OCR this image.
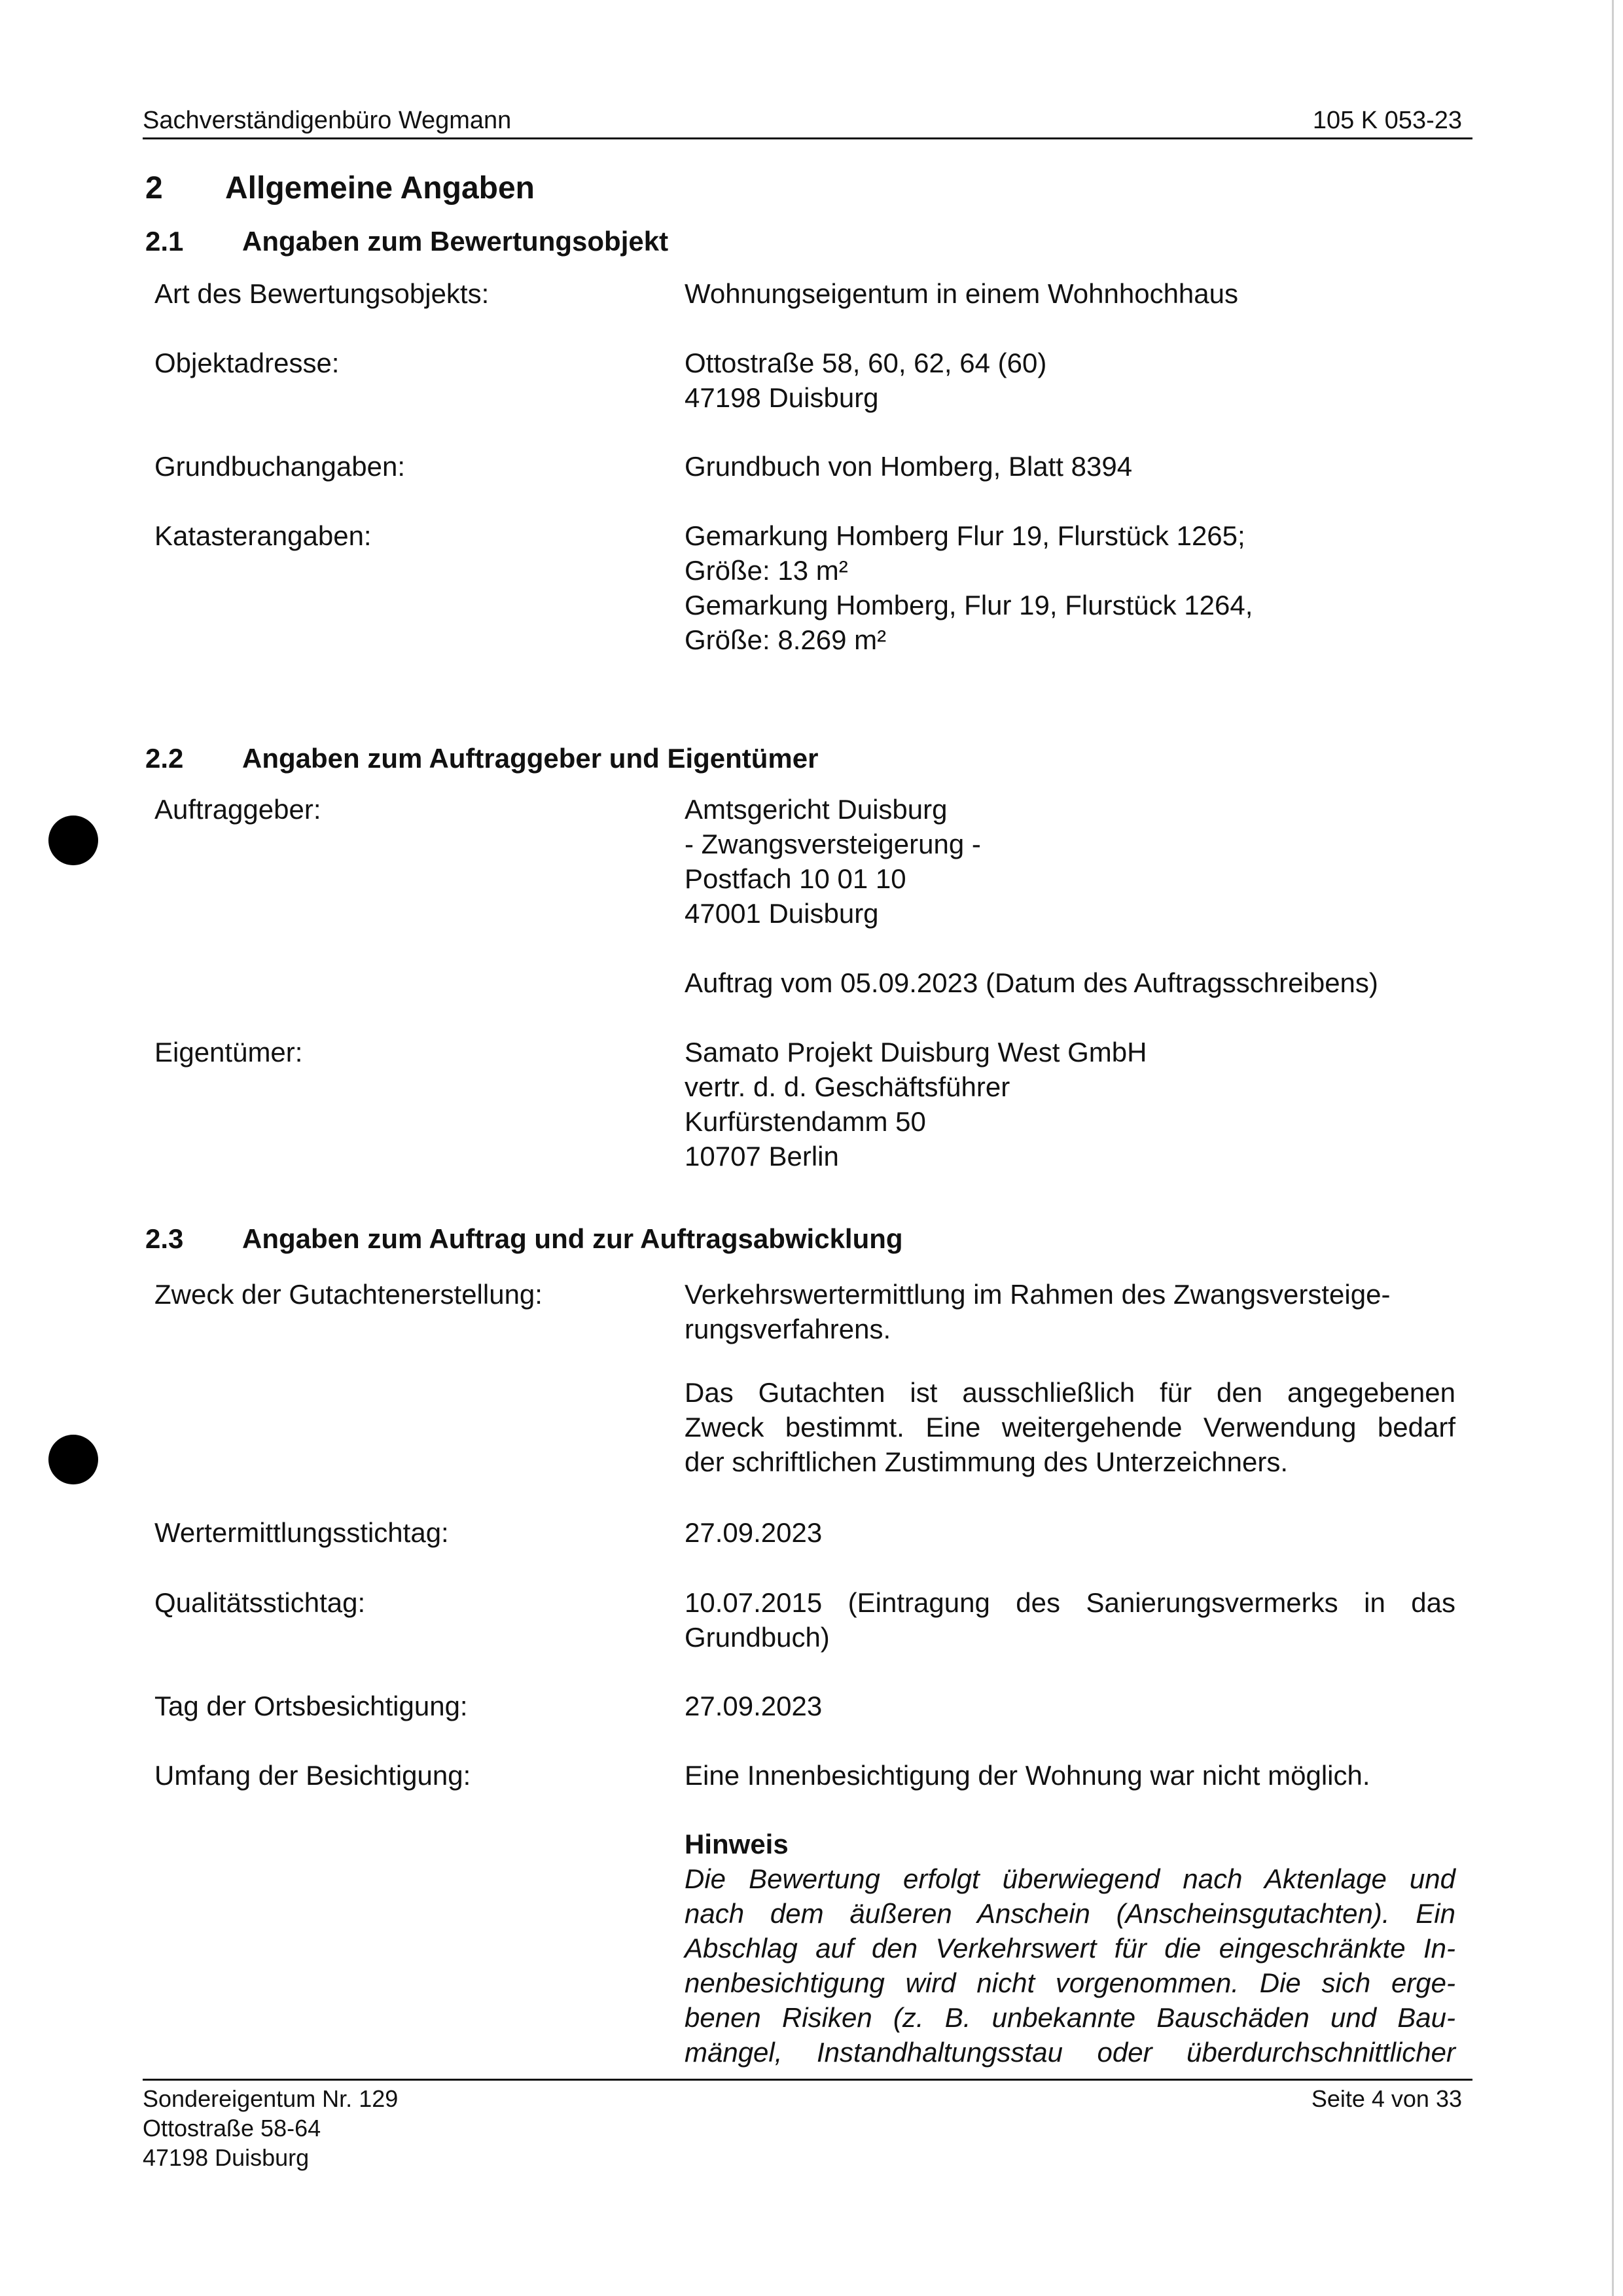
Sachverständigenbüro Wegmann	105 K 053-23
2 Allgemeine Angaben
2.1 Angaben zum Bewertungsobjekt
Art des Bewertungsobjekts:	Wohnungseigentum in einem Wohnhochhaus
Objektadresse:	Ottostraße 58, 60, 62, 64 (60)
47198 Duisburg
Grundbuchangaben:	Grundbuch von Homberg, Blatt 8394
Katasterangaben:	Gemarkung Homberg Flur 19, Flurstück 1265;
Größe: 13 m²
Gemarkung Homberg, Flur 19, Flurstück 1264,
Größe: 8.269 m²
2.2 Angaben zum Auftraggeber und Eigentümer
Auftraggeber:	Amtsgericht Duisburg
- Zwangsversteigerung -
Postfach 10 01 10
47001 Duisburg
Auftrag vom 05.09.2023 (Datum des Auftragsschreibens)
Eigentümer:	Samato Projekt Duisburg West GmbH
vertr. d. d. Geschäftsführer
Kurfürstendamm 50
10707 Berlin
2.3 Angaben zum Auftrag und zur Auftragsabwicklung
Zweck der Gutachtenerstellung:	Verkehrswertermittlung im Rahmen des Zwangsversteige-
rungsverfahrens.
Das Gutachten ist ausschließlich für den angegebenen
Zweck bestimmt. Eine weitergehende Verwendung bedarf
der schriftlichen Zustimmung des Unterzeichners.
Wertermittlungsstichtag:	27.09.2023
Qualitätsstichtag:	10.07.2015 (Eintragung des Sanierungsvermerks in das
Grundbuch)
Tag der Ortsbesichtigung:	27.09.2023
Umfang der Besichtigung:	Eine Innenbesichtigung der Wohnung war nicht möglich.
Hinweis
Die Bewertung erfolgt überwiegend nach Aktenlage und
nach dem äußeren Anschein (Anscheinsgutachten). Ein
Abschlag auf den Verkehrswert für die eingeschränkte In-
nenbesichtigung wird nicht vorgenommen. Die sich erge-
benen Risiken (z. B. unbekannte Bauschäden und Bau-
mängel, Instandhaltungsstau oder überdurchschnittlicher
Sondereigentum Nr. 129
Ottostraße 58-64
47198 Duisburg
Seite 4 von 33
